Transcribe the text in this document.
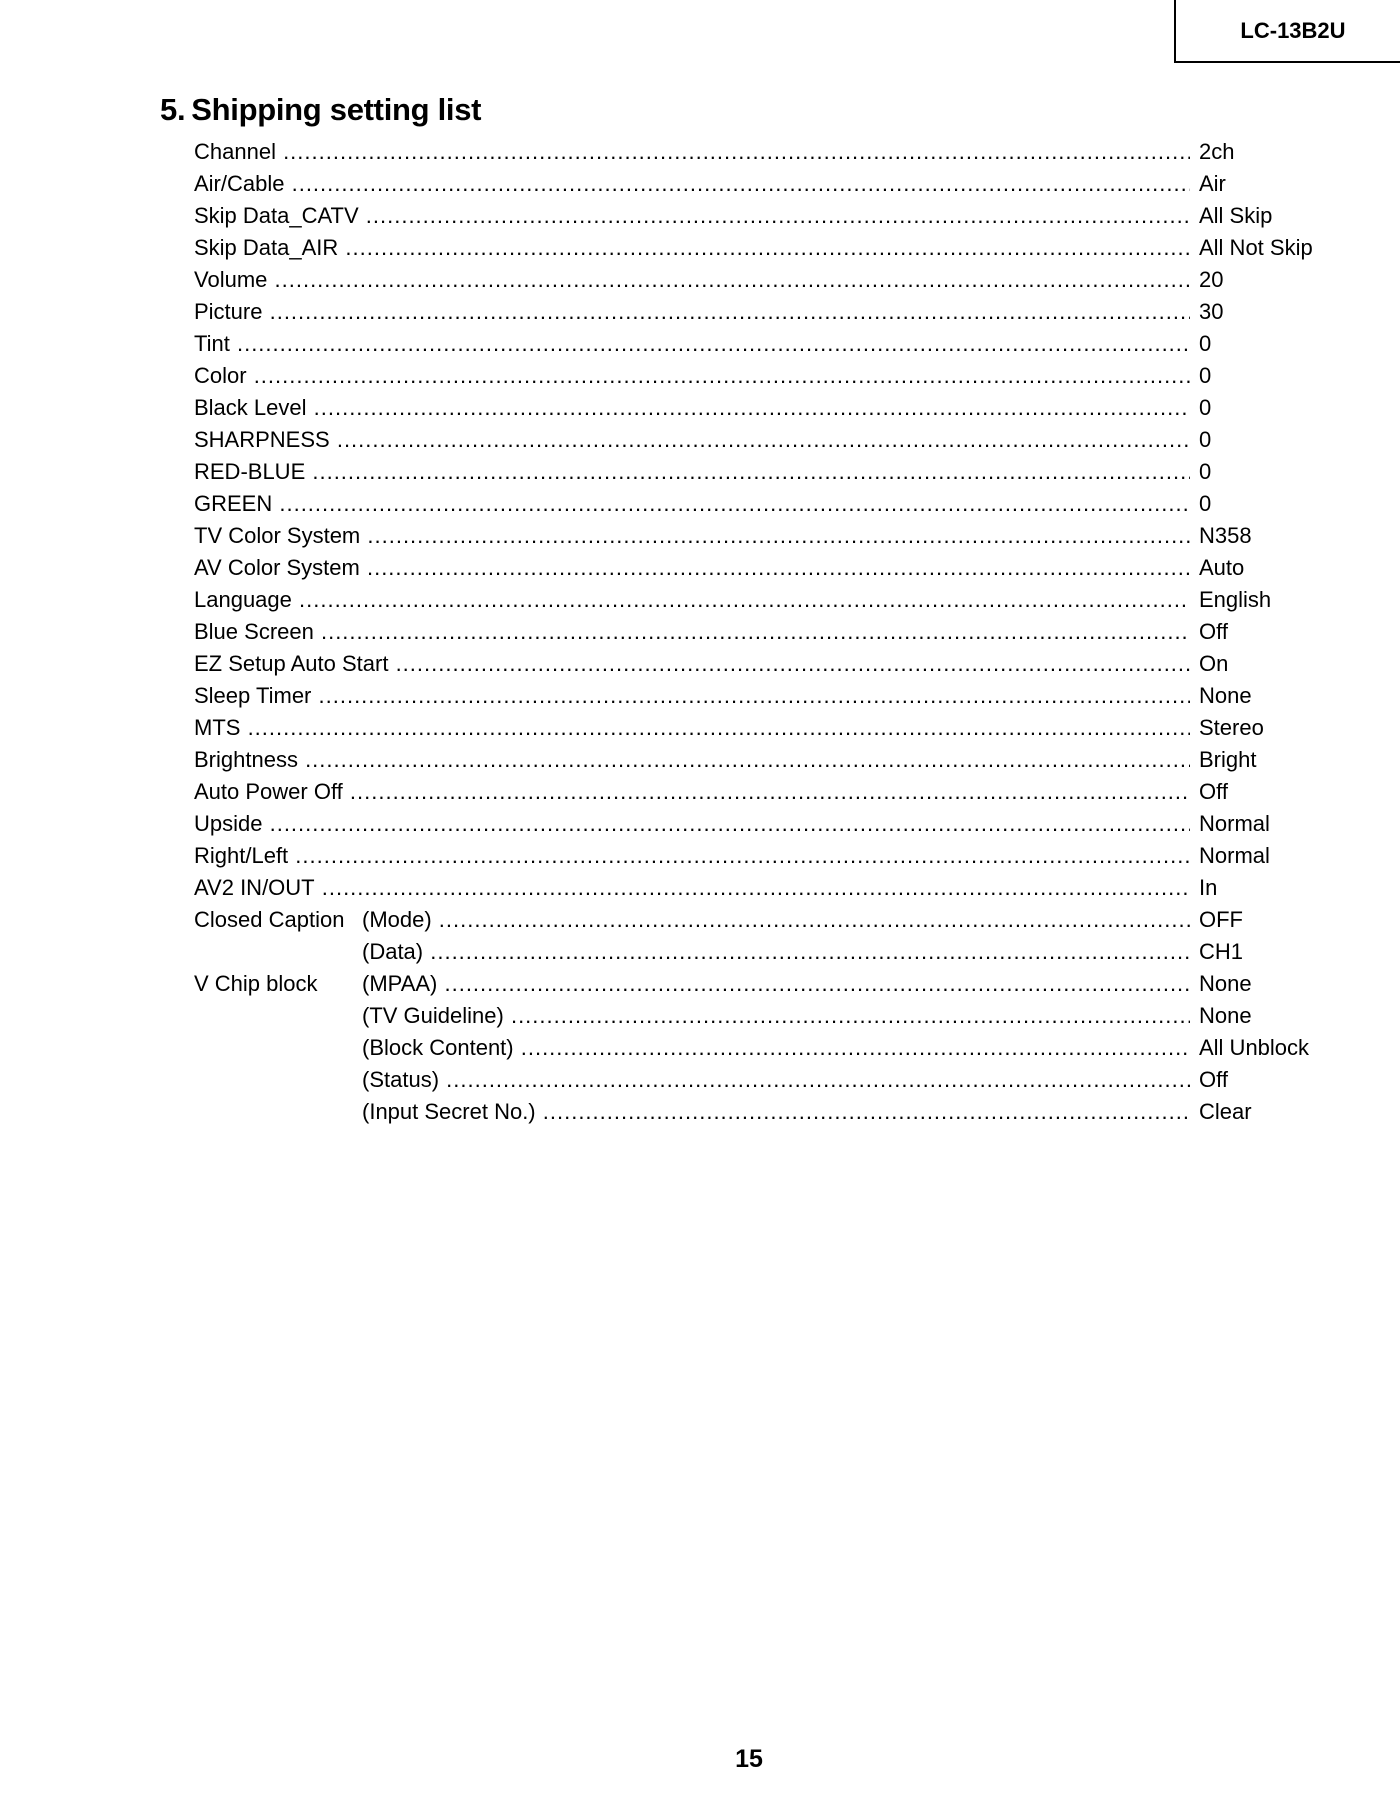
LC-13B2U
5. Shipping setting list
Channel .....	2ch
Air/Cable .....	Air
Skip Data_CATV .....	All Skip
Skip Data_AIR .....	All Not Skip
Volume .....	20
Picture .....	30
Tint .....	0
Color .....	0
Black Level .....	0
SHARPNESS .....	0
RED-BLUE .....	0
GREEN .....	0
TV Color System .....	N358
AV Color System .....	Auto
Language .....	English
Blue Screen .....	Off
EZ Setup Auto Start .....	On
Sleep Timer .....	None
MTS .....	Stereo
Brightness .....	Bright
Auto Power Off .....	Off
Upside .....	Normal
Right/Left .....	Normal
AV2 IN/OUT .....	In
Closed Caption (Mode) .....	OFF
(Data) .....	CH1
V Chip block (MPAA) .....	None
(TV Guideline) .....	None
(Block Content) .....	All Unblock
(Status) .....	Off
(Input Secret No.) .....	Clear
15
